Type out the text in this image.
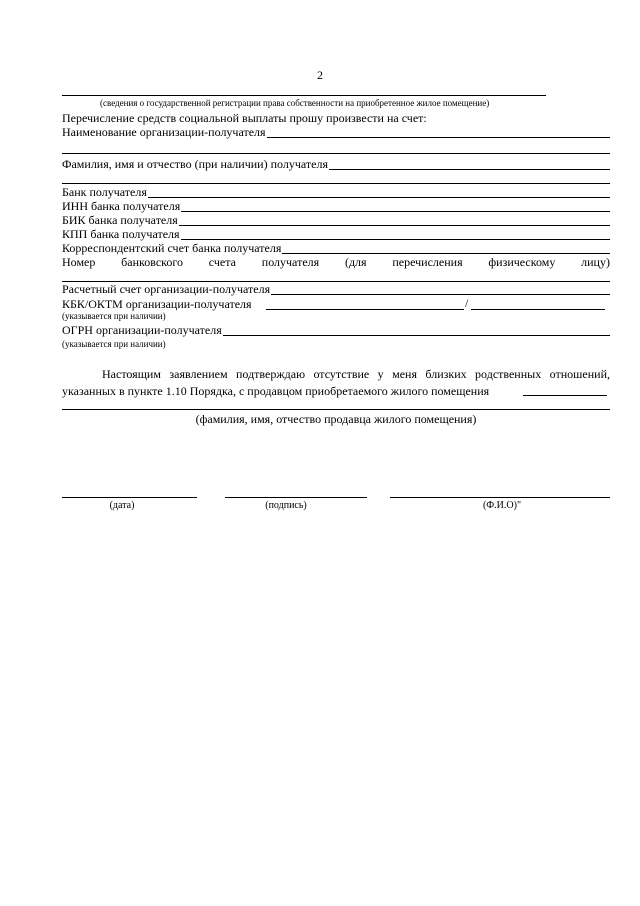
2
(сведения о государственной регистрации права собственности на приобретенное жилое помещение)
Перечисление средств социальной выплаты прошу произвести на счет:
Наименование организации-получателя
Фамилия, имя и отчество (при наличии) получателя
Банк получателя
ИНН банка получателя
БИК банка получателя
КПП банка получателя
Корреспондентский счет банка получателя
Номер банковского счета получателя (для перечисления физическому лицу)
Расчетный счет организации-получателя
КБК/ОКТМ организации-получателя	/
(указывается при наличии)
ОГРН организации-получателя
(указывается при наличии)
Настоящим заявлением подтверждаю отсутствие у меня близких родственных отношений, указанных в пункте 1.10 Порядка, с продавцом приобретаемого жилого помещения
(фамилия, имя, отчество продавца жилого помещения)
(дата)	(подпись)	(Ф.И.О)"
